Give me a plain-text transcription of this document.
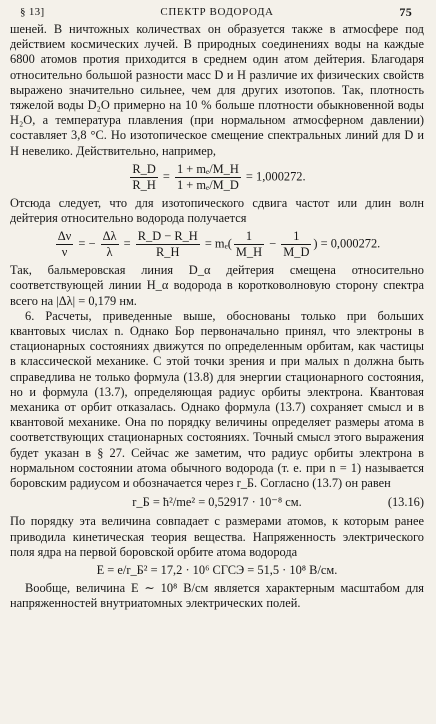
§ 13]	СПЕКТР ВОДОРОДА	75

шеней. В ничтожных количествах он образуется также в атмосфере под действием космических лучей. В природных соединениях воды на каждые 6800 атомов протия приходится в среднем один атом дейтерия. Благодаря относительно большой разности масс D и H различие их физических свойств выражено значительно сильнее, чем для других изотопов. Так, плотность тяжелой воды D₂O примерно на 10 % больше плотности обыкновенной воды H₂O, а температура плавления (при нормальном атмосферном давлении) составляет 3,8 °C. Но изотопическое смещение спектральных линий для D и H невелико. Действительно, например,

$\frac{R\_D}{R\_H} = \frac{\text{1 + mₑ/M\_H}}{\text{1 + mₑ/M\_D}} = 1,000272$.

Отсюда следует, что для изотопического сдвига частот или длин волн дейтерия относительно водорода получается

$\frac{\Delta\nu}{\nu}$ = − $\frac{\Delta\lambda}{\lambda} = \frac{R\_D - R\_H}{R\_H} = m_e( \frac{1}{M\_H} - \frac{1}{M\_D}$ ) = 0,000272.

Так, бальмеровская линия D_α дейтерия смещена относительно соответствующей линии H_α водорода в коротковолновую сторону спектра всего на |Δλ| = 0,179 нм.

6. Расчеты, приведенные выше, обоснованы только при больших квантовых числах n. Однако Бор первоначально принял, что электроны в стационарных состояниях движутся по определенным орбитам, как частицы в классической механике. С этой точки зрения и при малых n должна быть справедлива не только формула (13.8) для энергии стационарного состояния, но и формула (13.7), определяющая радиус орбиты электрона. Квантовая механика от орбит отказалась. Однако формула (13.7) сохраняет смысл и в квантовой механике. Она по порядку величины определяет размеры атома в соответствующих стационарных состояниях. Точный смысл этого выражения будет указан в § 27. Сейчас же заметим, что радиус орбиты электрона в нормальном состоянии атома обычного водорода (т. е. при n = 1) называется боровским радиусом и обозначается через r_Б. Согласно (13.7) он равен

r_Б = ħ²/me² = 0,52917 · 10⁻⁸ см.	(13.16)

По порядку эта величина совпадает с размерами атомов, к которым ранее приводила кинетическая теория вещества. Напряженность электрического поля ядра на первой боровской орбите атома водорода

E = e/r_Б² = 17,2 · 10⁶ СГСЭ = 51,5 · 10⁸ В/см.

Вообще, величина E ∼ 10⁸ В/см является характерным масштабом для напряженностей внутриатомных электрических полей.
